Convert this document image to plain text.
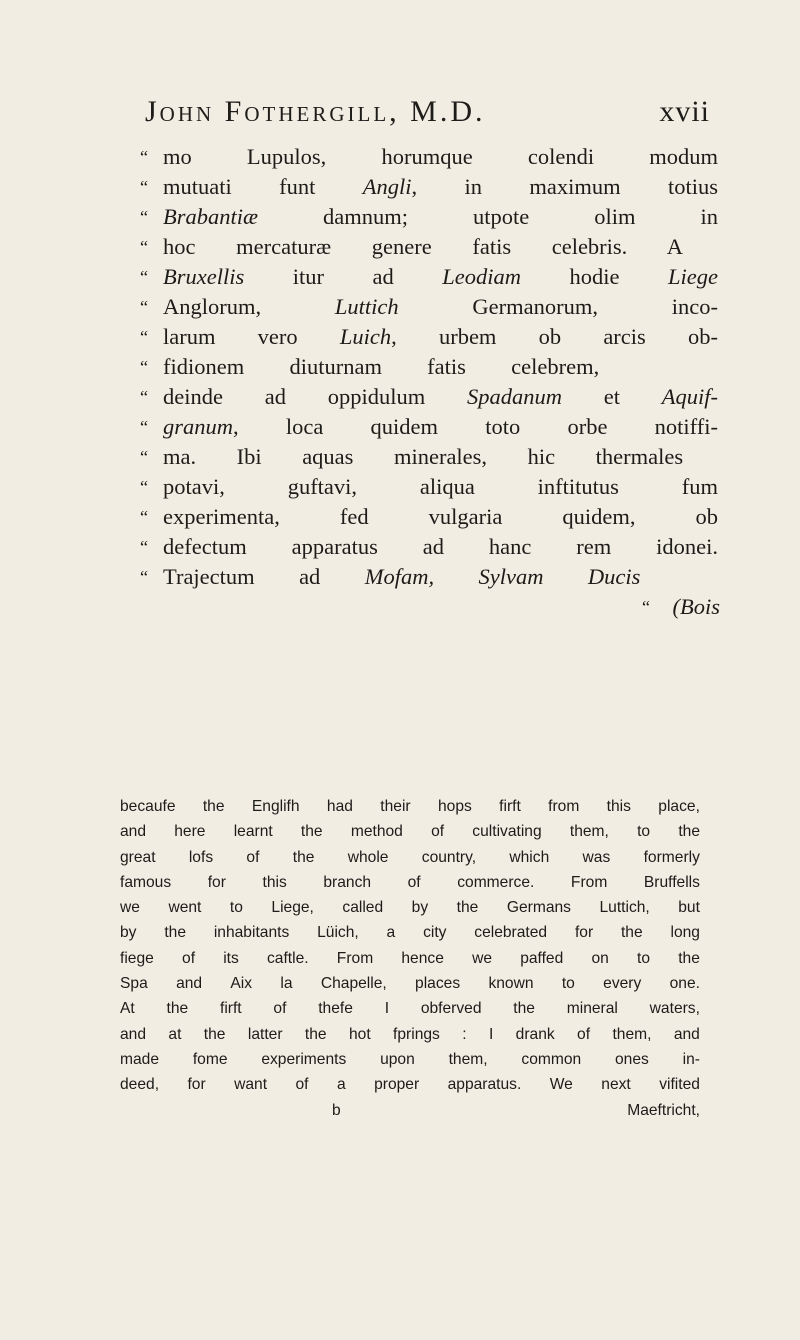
John Fothergill, M.D.	xvii
“ mo Lupulos, horumque colendi modum
“ mutuati funt Angli, in maximum totius
“ Brabantiæ damnum; utpote olim in
“ hoc mercaturæ genere fatis celebris. A
“ Bruxellis itur ad Leodiam hodie Liege
“ Anglorum, Luttich Germanorum, inco-
“ larum vero Luich, urbem ob arcis ob-
“ fidionem diuturnam fatis celebrem,
“ deinde ad oppidulum Spadanum et Aquif-
“ granum, loca quidem toto orbe notiffi-
“ ma. Ibi aquas minerales, hic thermales
“ potavi, guftavi, aliqua inftitutus fum
“ experimenta, fed vulgaria quidem, ob
“ defectum apparatus ad hanc rem idonei.
“ Trajectum ad Mofam, Sylvam Ducis
“ (Bois
becaufe the Englifh had their hops firft from this place,
and here learnt the method of cultivating them, to the
great lofs of the whole country, which was formerly
famous for this branch of commerce. From Bruffells
we went to Liege, called by the Germans Luttich, but
by the inhabitants Lüich, a city celebrated for the long
fiege of its caftle. From hence we paffed on to the
Spa and Aix la Chapelle, places known to every one.
At the firft of thefe I obferved the mineral waters,
and at the latter the hot fprings : I drank of them, and
made fome experiments upon them, common ones in-
deed, for want of a proper apparatus. We next vifited
b	Maeftricht,
